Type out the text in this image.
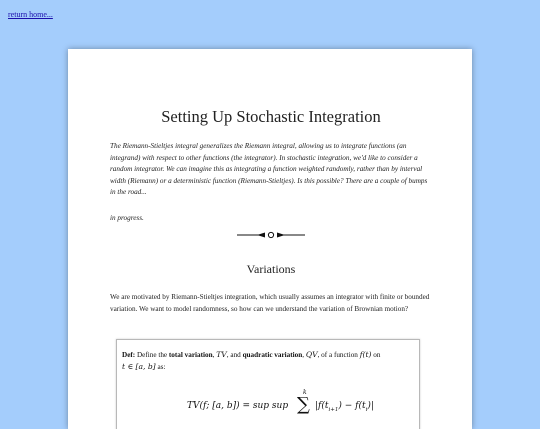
return home...
Setting Up Stochastic Integration
The Riemann-Stieltjes integral generalizes the Riemann integral, allowing us to integrate functions (an integrand) with respect to other functions (the integrator). In stochastic integration, we'd like to consider a random integrator. We can imagine this as integrating a function weighted randomly, rather than by interval width (Riemann) or a deterministic function (Riemann-Stieltjes). Is this possible? There are a couple of bumps in the road...
in progress.
Variations
We are motivated by Riemann-Stieltjes integration, which usually assumes an integrator with finite or bounded variation. We want to model randomness, so how can we understand the variation of Brownian motion?
Def: Define the total variation, TV, and quadratic variation, QV, of a function f(t) on
t ∈ [a, b] as:
TV(f; [a, b]) = sup sup
k
∑ $|f(t_{i+1}) - f(t_i)|$
